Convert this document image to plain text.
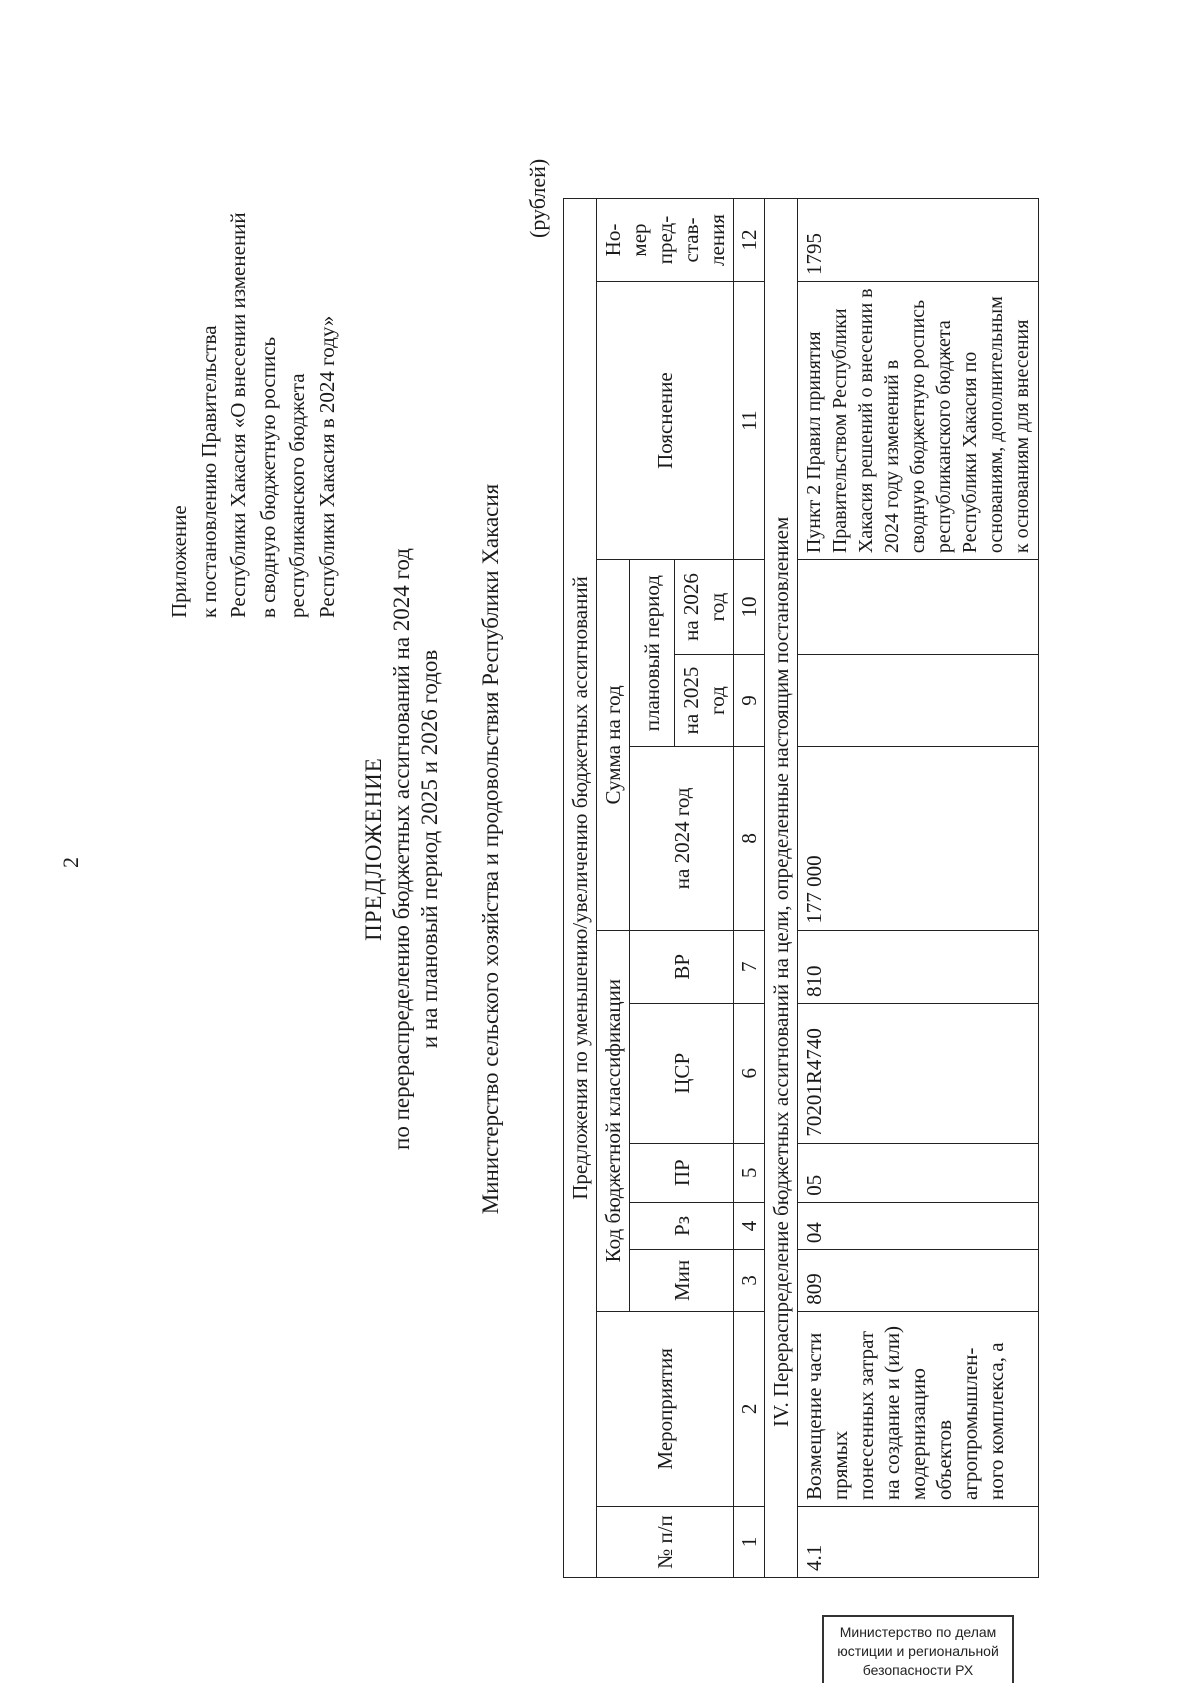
2
Приложение к постановлению Правительства Республики Хакасия «О внесении изменений в сводную бюджетную роспись республиканского бюджета Республики Хакасия в 2024 году»
ПРЕДЛОЖЕНИЕ по перераспределению бюджетных ассигнований на 2024 год и на плановый период 2025 и 2026 годов Министерство сельского хозяйства и продовольствия Республики Хакасия
(рублей)
Предложения по уменьшению/увеличению бюджетных ассигнований											
№ п/п	Мероприятия	Код бюджетной классификации					Сумма на год			Пояснение	Но- мер пред- став- ления
		Мин	Рз	ПР	ЦСР	ВР	на 2024 год	плановый период			
								на 2025 год	на 2026 год		
1	2	3	4	5	6	7	8	9	10	11	12
IV. Перераспределение бюджетных ассигнований на цели, определенные настоящим постановлением											
4.1	Возмещение части прямых понесенных затрат на создание и (или) модернизацию объектов агропромышлен- ного комплекса, а	809	04	05	70201R4740	810	177 000			Пункт 2 Правил принятия Правительством Республики Хакасия решений о внесении в 2024 году изменений в сводную бюджетную роспись республиканского бюджета Республики Хакасия по основаниям, дополнительным к основаниям для внесения	1795
Министерство по делам
юстиции и региональной
безопасности РХ
